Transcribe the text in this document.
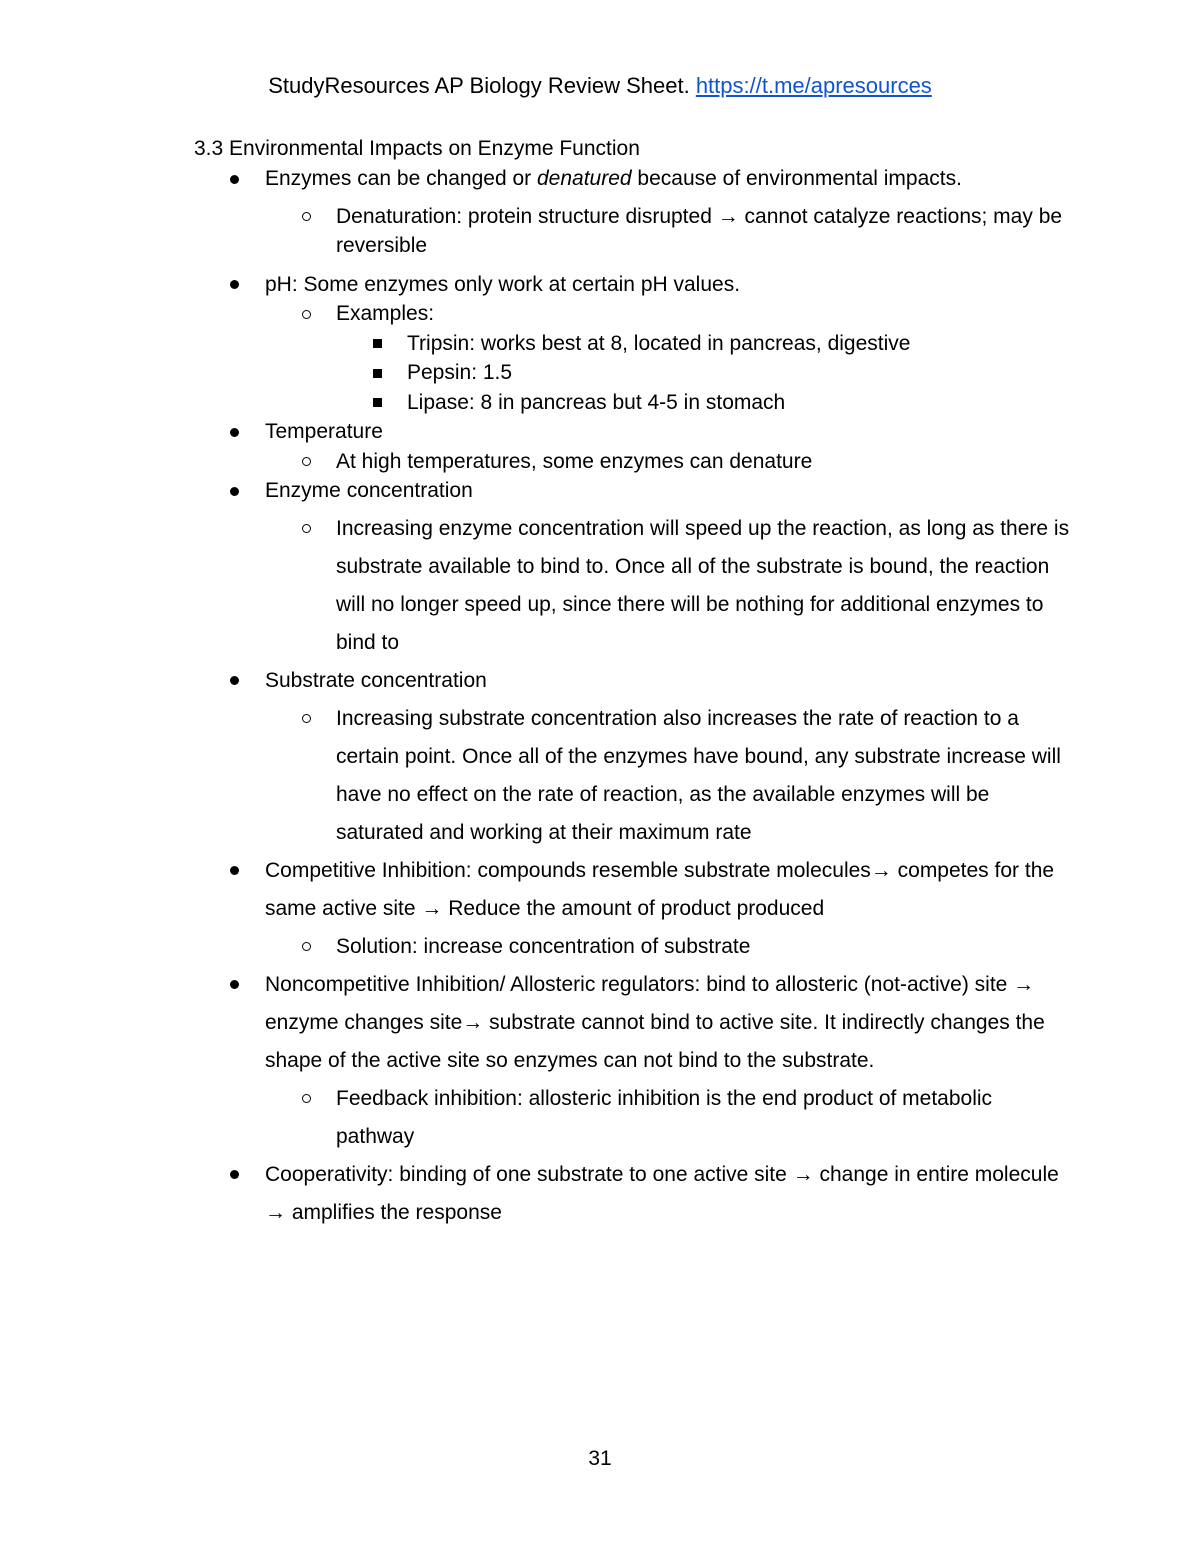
StudyResources AP Biology Review Sheet. https://t.me/apresources

3.3 Environmental Impacts on Enzyme Function

Enzymes can be changed or denatured because of environmental impacts.
Denaturation: protein structure disrupted → cannot catalyze reactions; may be reversible
pH: Some enzymes only work at certain pH values.
Examples:
Tripsin: works best at 8, located in pancreas, digestive
Pepsin: 1.5
Lipase: 8 in pancreas but 4-5 in stomach
Temperature
At high temperatures, some enzymes can denature
Enzyme concentration
Increasing enzyme concentration will speed up the reaction, as long as there is substrate available to bind to. Once all of the substrate is bound, the reaction will no longer speed up, since there will be nothing for additional enzymes to bind to
Substrate concentration
Increasing substrate concentration also increases the rate of reaction to a certain point. Once all of the enzymes have bound, any substrate increase will have no effect on the rate of reaction, as the available enzymes will be saturated and working at their maximum rate
Competitive Inhibition: compounds resemble substrate molecules→ competes for the same active site → Reduce the amount of product produced
Solution: increase concentration of substrate
Noncompetitive Inhibition/ Allosteric regulators: bind to allosteric (not-active) site → enzyme changes site→ substrate cannot bind to active site. It indirectly changes the shape of the active site so enzymes can not bind to the substrate.
Feedback inhibition: allosteric inhibition is the end product of metabolic pathway
Cooperativity: binding of one substrate to one active site → change in entire molecule → amplifies the response
31
